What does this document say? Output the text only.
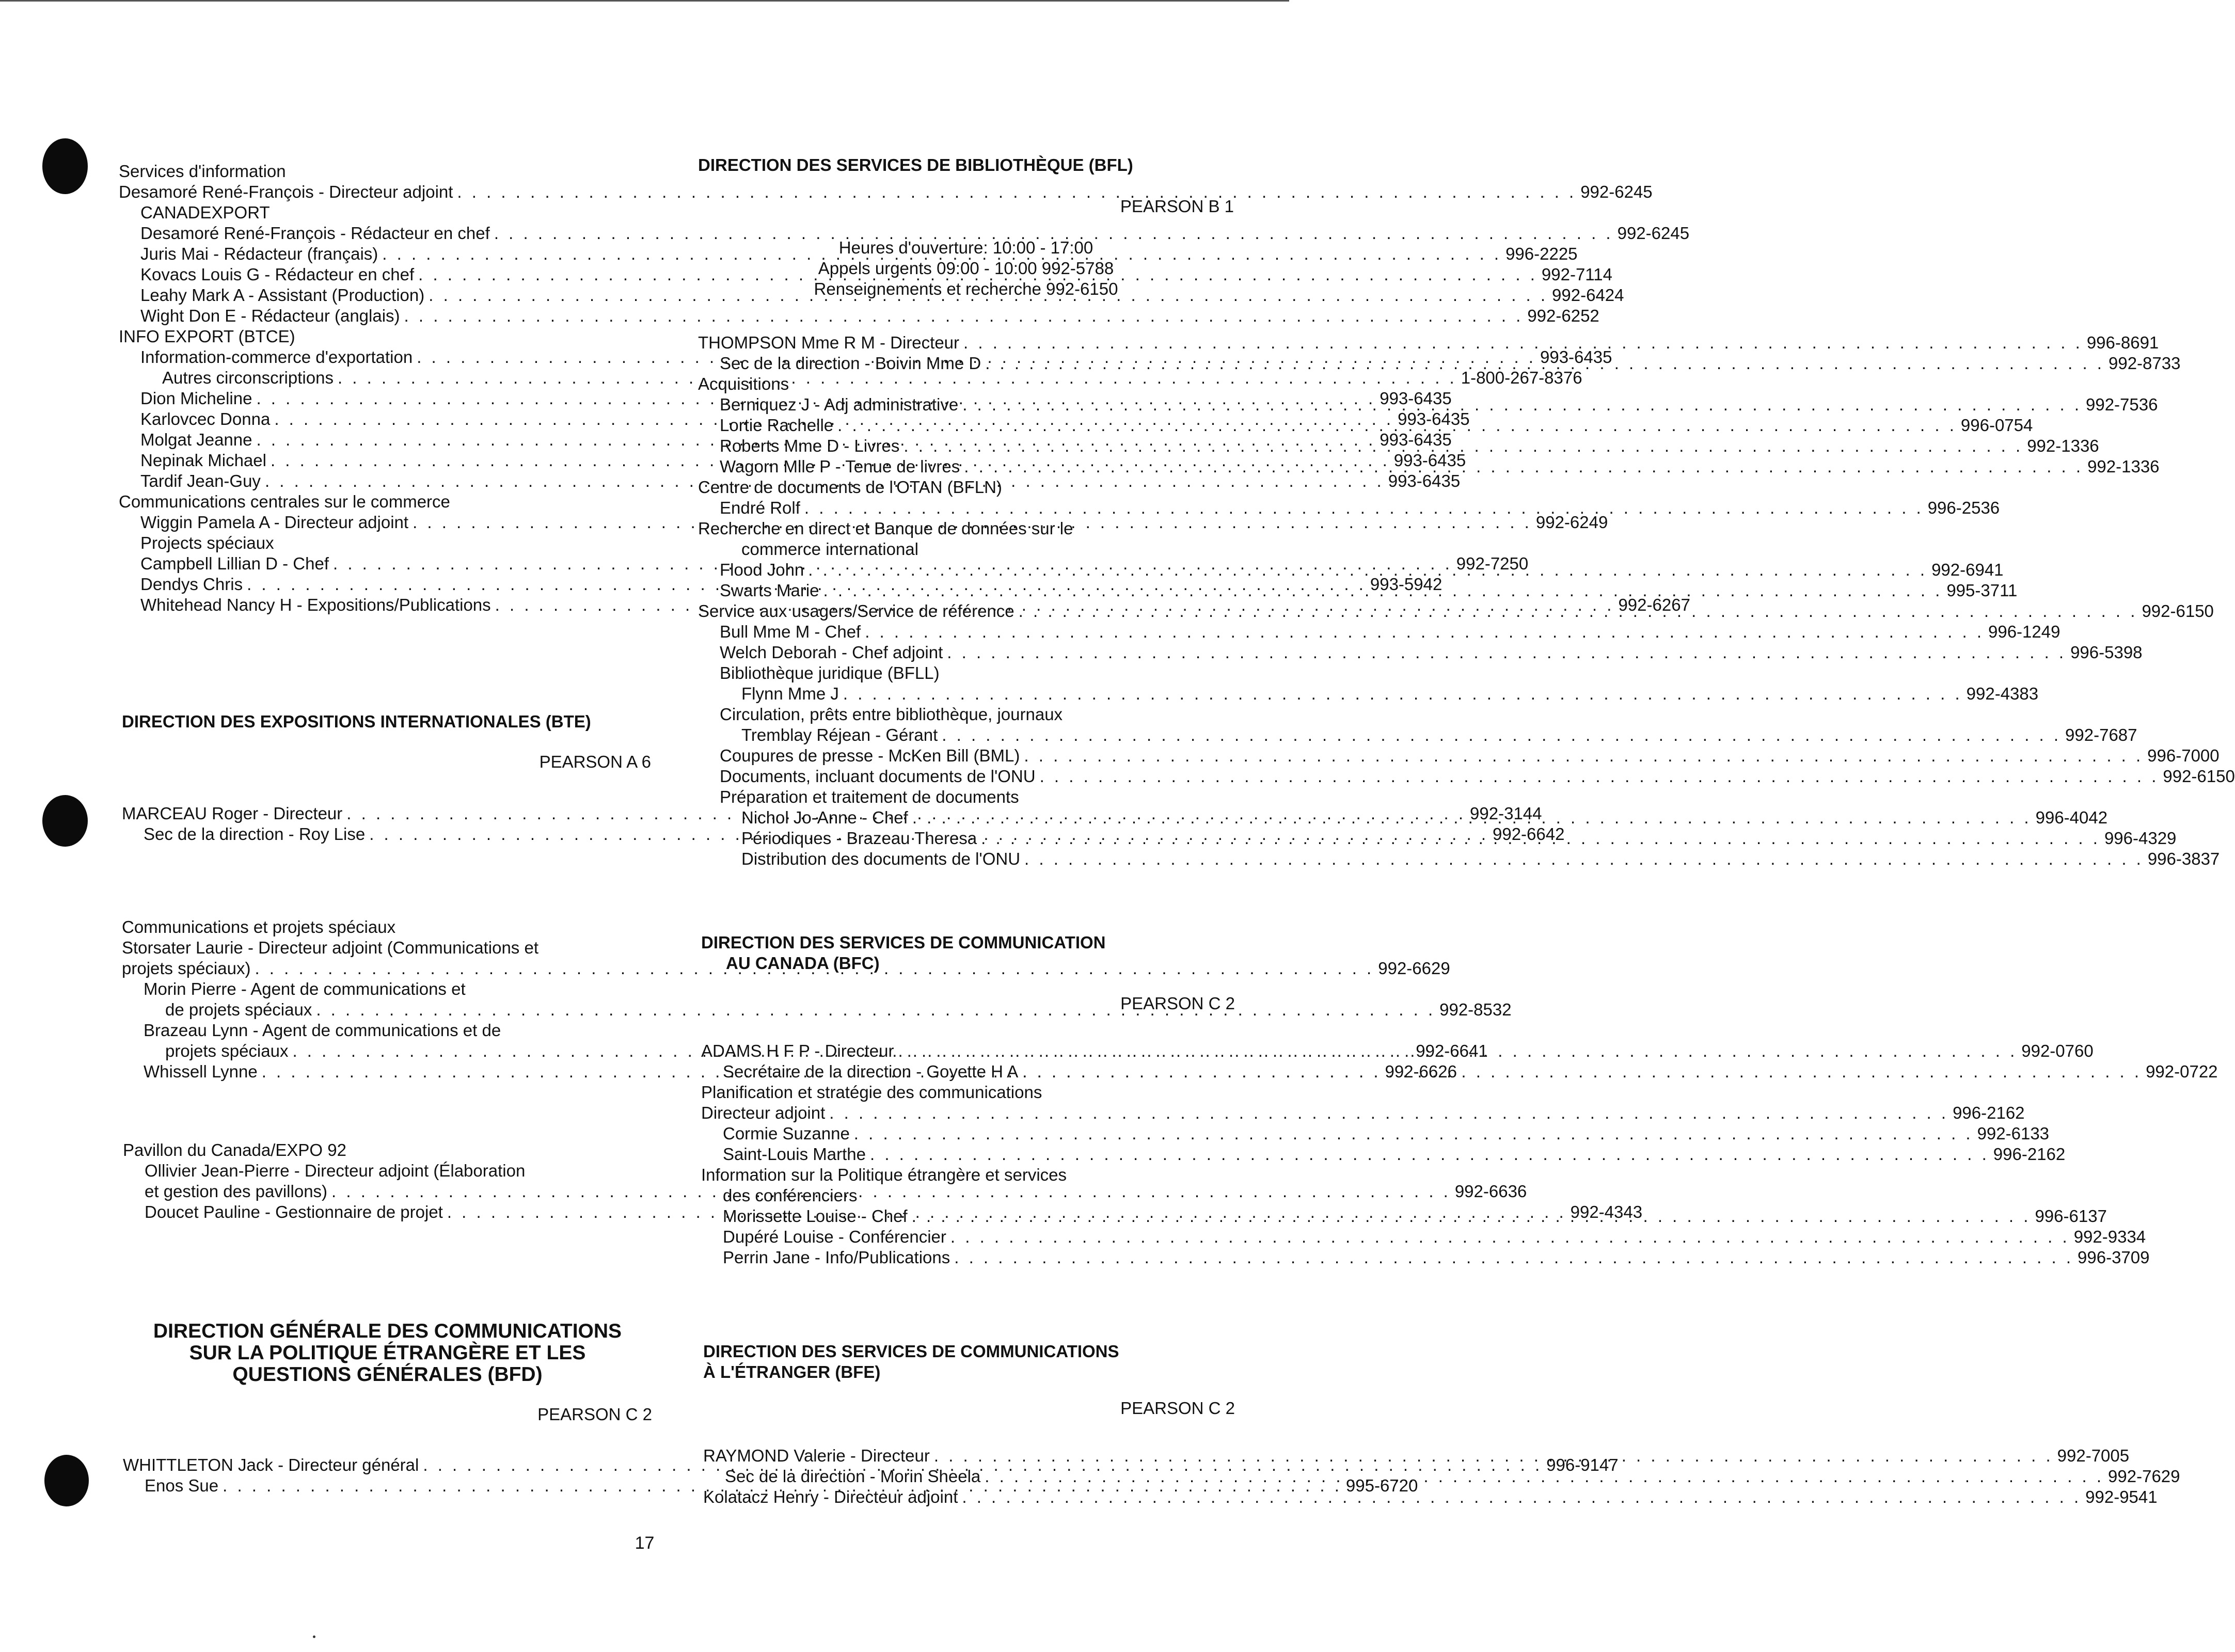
Services d'information
Desamoré René-François - Directeur adjoint . . .	992-6245
CANADEXPORT
Desamoré René-François - Rédacteur en chef . . .	992-6245
Juris Mai - Rédacteur (français) . . .	996-2225
Kovacs Louis G - Rédacteur en chef . . .	992-7114
Leahy Mark A - Assistant (Production) . . .	992-6424
Wight Don E - Rédacteur (anglais) . . .	992-6252
INFO EXPORT (BTCE)
Information-commerce d'exportation . . .	993-6435
Autres circonscriptions . . .	1-800-267-8376
Dion Micheline . . .	993-6435
Karlovcec Donna . . .	993-6435
Molgat Jeanne . . .	993-6435
Nepinak Michael . . .	993-6435
Tardif Jean-Guy . . .	993-6435
Communications centrales sur le commerce
Wiggin Pamela A - Directeur adjoint . . .	992-6249
Projects spéciaux
Campbell Lillian D - Chef . . .	992-7250
Dendys Chris . . .	993-5942
Whitehead Nancy H - Expositions/Publications . . .	992-6267
DIRECTION DES EXPOSITIONS INTERNATIONALES (BTE)
PEARSON A 6
MARCEAU Roger - Directeur . . .	992-3144
Sec de la direction - Roy Lise . . .	992-6642
Communications et projets spéciaux
Storsater Laurie - Directeur adjoint (Communications et
projets spéciaux) . . .	992-6629
Morin Pierre - Agent de communications et
de projets spéciaux . . .	992-8532
Brazeau Lynn - Agent de communications et de
projets spéciaux . . .	992-6641
Whissell Lynne . . .	992-6626
Pavillon du Canada/EXPO 92
Ollivier Jean-Pierre - Directeur adjoint (Élaboration
et gestion des pavillons) . . .	992-6636
Doucet Pauline - Gestionnaire de projet . . .	992-4343
DIRECTION GÉNÉRALE DES COMMUNICATIONS
SUR LA POLITIQUE ÉTRANGÈRE ET LES
QUESTIONS GÉNÉRALES (BFD)
PEARSON C 2
WHITTLETON Jack - Directeur général . . .	996-9147
Enos Sue . . .	995-6720
DIRECTION DES SERVICES DE BIBLIOTHÈQUE (BFL)
PEARSON B 1
Heures d'ouverture: 10:00 - 17:00
Appels urgents 09:00 - 10:00 992-5788
Renseignements et recherche 992-6150
THOMPSON Mme R M - Directeur . . .	996-8691
Sec de la direction - Boivin Mme D . . .	992-8733
Acquisitions
Berniquez J - Adj administrative . . .	992-7536
Lortie Rachelle . . .	996-0754
Roberts Mme D - Livres . . .	992-1336
Wagorn Mlle P - Tenue de livres . . .	992-1336
Centre de documents de l'OTAN (BFLN)
Endré Rolf . . .	996-2536
Recherche en direct et Banque de données sur le
commerce international
Flood John . . .	992-6941
Swarts Marie . . .	995-3711
Service aux usagers/Service de référence . . .	992-6150
Bull Mme M - Chef . . .	996-1249
Welch Deborah - Chef adjoint . . .	996-5398
Bibliothèque juridique (BFLL)
Flynn Mme J . . .	992-4383
Circulation, prêts entre bibliothèque, journaux
Tremblay Réjean - Gérant . . .	992-7687
Coupures de presse - McKen Bill (BML) . . .	996-7000
Documents, incluant documents de l'ONU . . .	992-6150
Préparation et traitement de documents
Nichol Jo-Anne - Chef . . .	996-4042
Périodiques - Brazeau Theresa . . .	996-4329
Distribution des documents de l'ONU . . .	996-3837
DIRECTION DES SERVICES DE COMMUNICATION
AU CANADA (BFC)
PEARSON C 2
ADAMS H F P - Directeur . . .	992-0760
Secrétaire de la direction - Goyette H A . . .	992-0722
Planification et stratégie des communications
Directeur adjoint . . .	996-2162
Cormie Suzanne . . .	992-6133
Saint-Louis Marthe . . .	996-2162
Information sur la Politique étrangère et services
des conférenciers
Morissette Louise - Chef . . .	996-6137
Dupéré Louise - Conférencier . . .	992-9334
Perrin Jane - Info/Publications . . .	996-3709
DIRECTION DES SERVICES DE COMMUNICATIONS
À L'ÉTRANGER (BFE)
PEARSON C 2
RAYMOND Valerie - Directeur . . .	992-7005
Sec de la direction - Morin Sheela . . .	992-7629
Kolatacz Henry - Directeur adjoint . . .	992-9541
17
